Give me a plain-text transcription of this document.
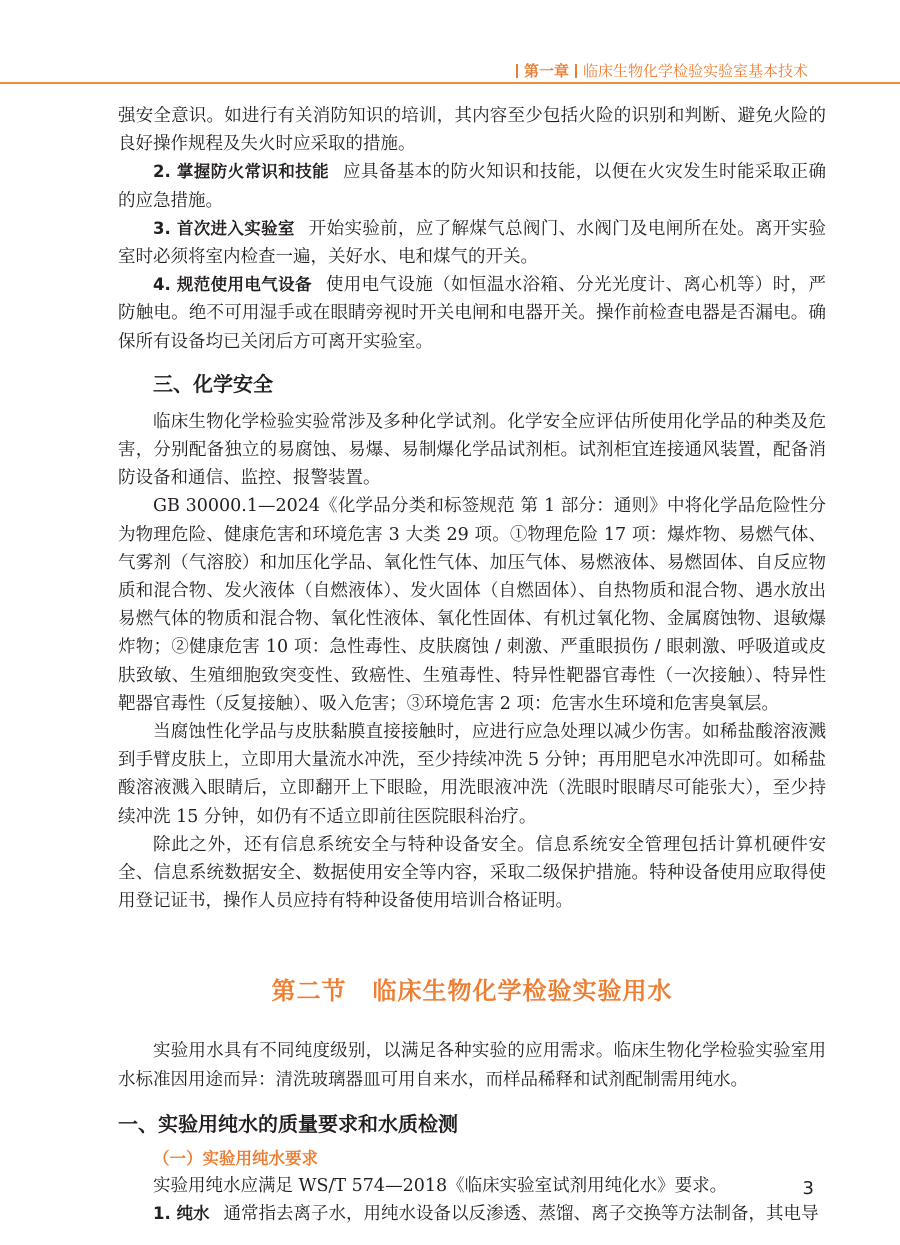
第一章 临床生物化学检验实验室基本技术

强安全意识。如进行有关消防知识的培训，其内容至少包括火险的识别和判断、避免火险的良好操作规程及失火时应采取的措施。

2. 掌握防火常识和技能 应具备基本的防火知识和技能，以便在火灾发生时能采取正确的应急措施。

3. 首次进入实验室 开始实验前，应了解煤气总阀门、水阀门及电闸所在处。离开实验室时必须将室内检查一遍，关好水、电和煤气的开关。

4. 规范使用电气设备 使用电气设施（如恒温水浴箱、分光光度计、离心机等）时，严防触电。绝不可用湿手或在眼睛旁视时开关电闸和电器开关。操作前检查电器是否漏电。确保所有设备均已关闭后方可离开实验室。

三、化学安全

临床生物化学检验实验常涉及多种化学试剂。化学安全应评估所使用化学品的种类及危害，分别配备独立的易腐蚀、易爆、易制爆化学品试剂柜。试剂柜宜连接通风装置，配备消防设备和通信、监控、报警装置。

GB 30000.1—2024《化学品分类和标签规范 第 1 部分：通则》中将化学品危险性分为物理危险、健康危害和环境危害 3 大类 29 项。①物理危险 17 项：爆炸物、易燃气体、气雾剂（气溶胶）和加压化学品、氧化性气体、加压气体、易燃液体、易燃固体、自反应物质和混合物、发火液体（自燃液体）、发火固体（自燃固体）、自热物质和混合物、遇水放出易燃气体的物质和混合物、氧化性液体、氧化性固体、有机过氧化物、金属腐蚀物、退敏爆炸物；②健康危害 10 项：急性毒性、皮肤腐蚀 / 刺激、严重眼损伤 / 眼刺激、呼吸道或皮肤致敏、生殖细胞致突变性、致癌性、生殖毒性、特异性靶器官毒性（一次接触）、特异性靶器官毒性（反复接触）、吸入危害；③环境危害 2 项：危害水生环境和危害臭氧层。

当腐蚀性化学品与皮肤黏膜直接接触时，应进行应急处理以减少伤害。如稀盐酸溶液溅到手臂皮肤上，立即用大量流水冲洗，至少持续冲洗 5 分钟；再用肥皂水冲洗即可。如稀盐酸溶液溅入眼睛后，立即翻开上下眼睑，用洗眼液冲洗（洗眼时眼睛尽可能张大），至少持续冲洗 15 分钟，如仍有不适立即前往医院眼科治疗。

除此之外，还有信息系统安全与特种设备安全。信息系统安全管理包括计算机硬件安全、信息系统数据安全、数据使用安全等内容，采取二级保护措施。特种设备使用应取得使用登记证书，操作人员应持有特种设备使用培训合格证明。

第二节 临床生物化学检验实验用水

实验用水具有不同纯度级别，以满足各种实验的应用需求。临床生物化学检验实验室用水标准因用途而异：清洗玻璃器皿可用自来水，而样品稀释和试剂配制需用纯水。

一、实验用纯水的质量要求和水质检测
（一）实验用纯水要求

实验用纯水应满足 WS/T 574—2018《临床实验室试剂用纯化水》要求。

1. 纯水 通常指去离子水，用纯水设备以反渗透、蒸馏、离子交换等方法制备，其电导

3
